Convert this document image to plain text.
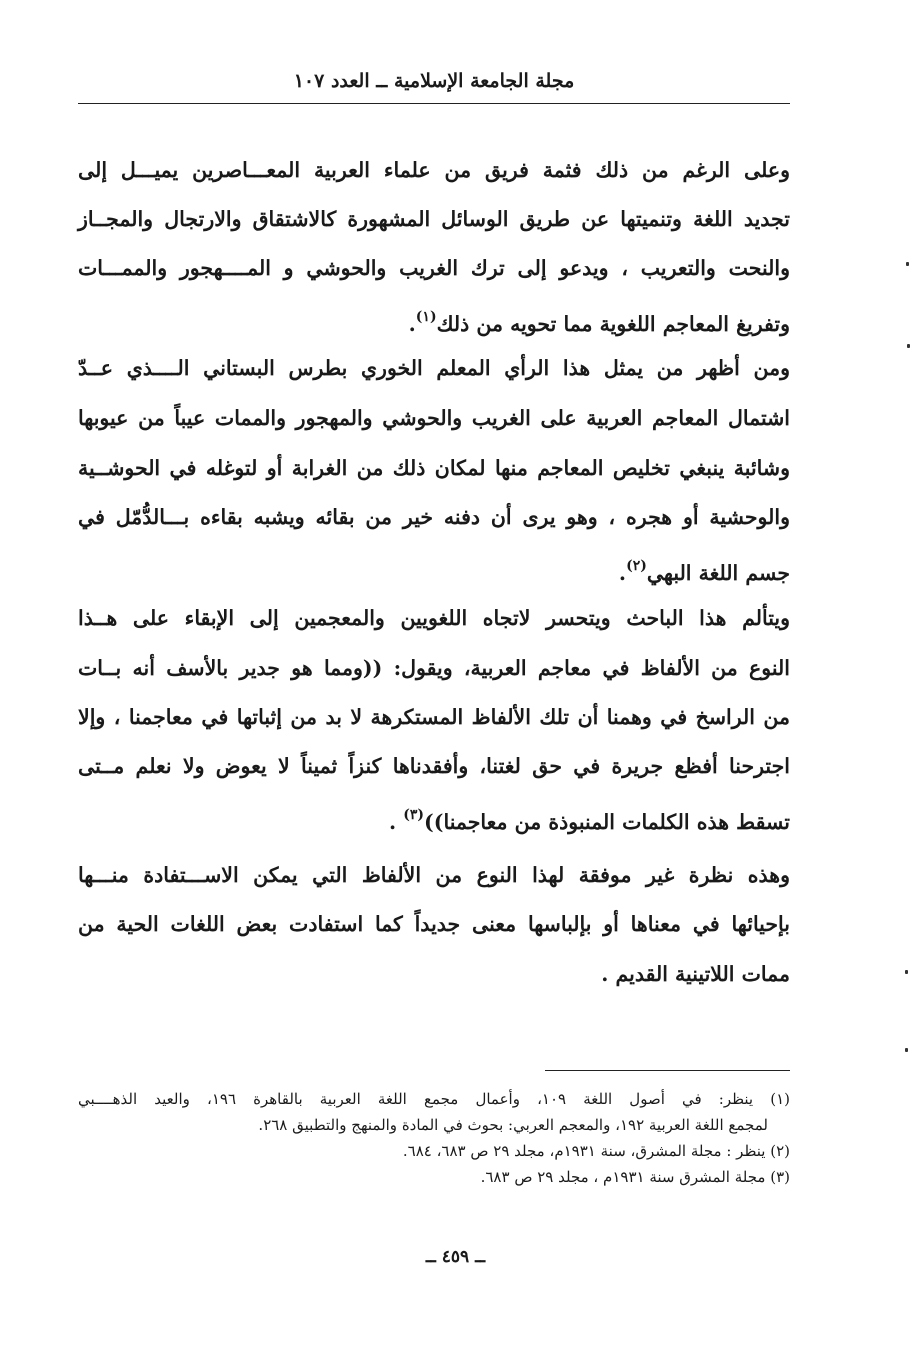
مجلة الجامعة الإسلامية ــ العدد ١٠٧
وعلى الرغم من ذلك فثمة فريق من علماء العربية المعـــاصرين يميـــل إلى
تجديد اللغة وتنميتها عن طريق الوسائل المشهورة كالاشتقاق والارتجال والمجــاز
والنحت والتعريب ، ويدعو إلى ترك الغريب والحوشي و المــــهجور والممـــات
وتفريغ المعاجم اللغوية مما تحويه من ذلك$^{(١)}$.
ومن أظهر من يمثل هذا الرأي المعلم الخوري بطرس البستاني الــــذي عــدّ
اشتمال المعاجم العربية على الغريب والحوشي والمهجور والممات عيباً من عيوبها
وشائبة ينبغي تخليص المعاجم منها لمكان ذلك من الغرابة أو لتوغله في الحوشــية
والوحشية أو هجره ، وهو يرى أن دفنه خير من بقائه ويشبه بقاءه بـــالدُّمّل في
جسم اللغة البهي$^{(٢)}$.
ويتألم هذا الباحث ويتحسر لاتجاه اللغويين والمعجمين إلى الإبقاء على هــذا
النوع من الألفاظ في معاجم العربية، ويقول: ((ومما هو جدير بالأسف أنه بــات
من الراسخ في وهمنا أن تلك الألفاظ المستكرهة لا بد من إثباتها في معاجمنا ، وإلا
اجترحنا أفظع جريرة في حق لغتنا، وأفقدناها كنزاً ثميناً لا يعوض ولا نعلم مــتى
تسقط هذه الكلمات المنبوذة من معاجمنا))$^{(٣)}$ .
وهذه نظرة غير موفقة لهذا النوع من الألفاظ التي يمكن الاســـتفادة منـــها
بإحيائها في معناها أو بإلباسها معنى جديداً كما استفادت بعض اللغات الحية من
ممات اللاتينية القديم .
(١) ينظر: في أصول اللغة ١٠٩، وأعمال مجمع اللغة العربية بالقاهرة ١٩٦، والعيد الذهــــبي
لمجمع اللغة العربية ١٩٢، والمعجم العربي: بحوث في المادة والمنهج والتطبيق ٢٦٨.
(٢) ينظر : مجلة المشرق، سنة ١٩٣١م، مجلد ٢٩ ص ٦٨٣، ٦٨٤.
(٣) مجلة المشرق سنة ١٩٣١م ، مجلد ٢٩ ص ٦٨٣.
ــ ٤٥٩ ــ
